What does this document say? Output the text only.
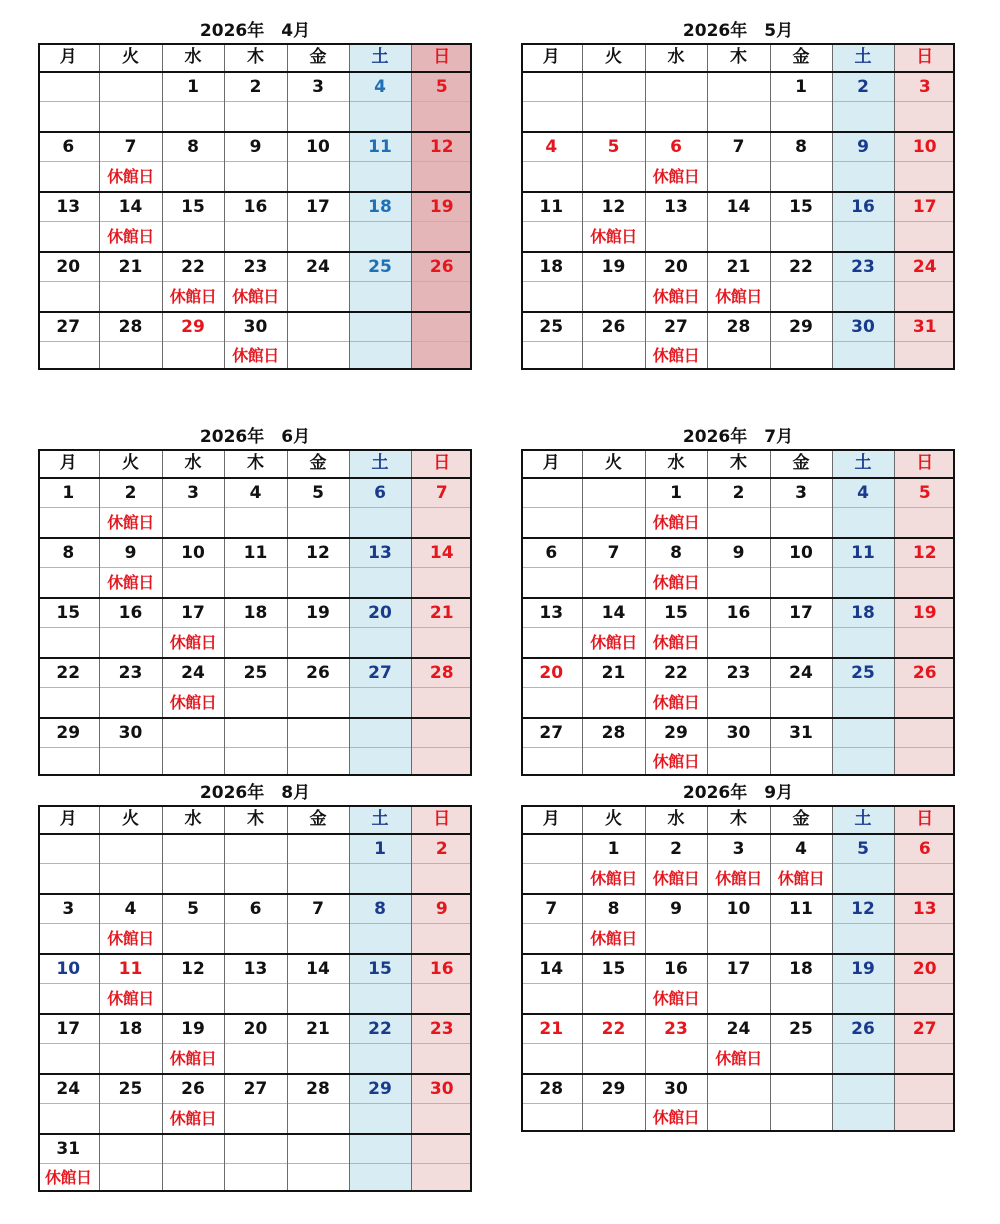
2026年　4月
月	火	水	木	金	土	日
		1	2	3	4	5

6	7	8	9	10	11	12
	休館日					
13	14	15	16	17	18	19
	休館日					
20	21	22	23	24	25	26
		休館日	休館日			
27	28	29	30			
			休館日			
2026年　5月
月	火	水	木	金	土	日
				1	2	3

4	5	6	7	8	9	10
		休館日				
11	12	13	14	15	16	17
	休館日					
18	19	20	21	22	23	24
		休館日	休館日			
25	26	27	28	29	30	31
		休館日				
2026年　6月
月	火	水	木	金	土	日
1	2	3	4	5	6	7
	休館日					
8	9	10	11	12	13	14
	休館日					
15	16	17	18	19	20	21
		休館日				
22	23	24	25	26	27	28
		休館日				
29	30					

2026年　7月
月	火	水	木	金	土	日
		1	2	3	4	5
		休館日				
6	7	8	9	10	11	12
		休館日				
13	14	15	16	17	18	19
	休館日	休館日				
20	21	22	23	24	25	26
		休館日				
27	28	29	30	31		
		休館日				
2026年　8月
月	火	水	木	金	土	日
					1	2

3	4	5	6	7	8	9
	休館日					
10	11	12	13	14	15	16
	休館日					
17	18	19	20	21	22	23
		休館日				
24	25	26	27	28	29	30
		休館日				
31						
休館日						
2026年　9月
月	火	水	木	金	土	日
	1	2	3	4	5	6
	休館日	休館日	休館日	休館日		
7	8	9	10	11	12	13
	休館日					
14	15	16	17	18	19	20
		休館日				
21	22	23	24	25	26	27
			休館日			
28	29	30				
		休館日				
